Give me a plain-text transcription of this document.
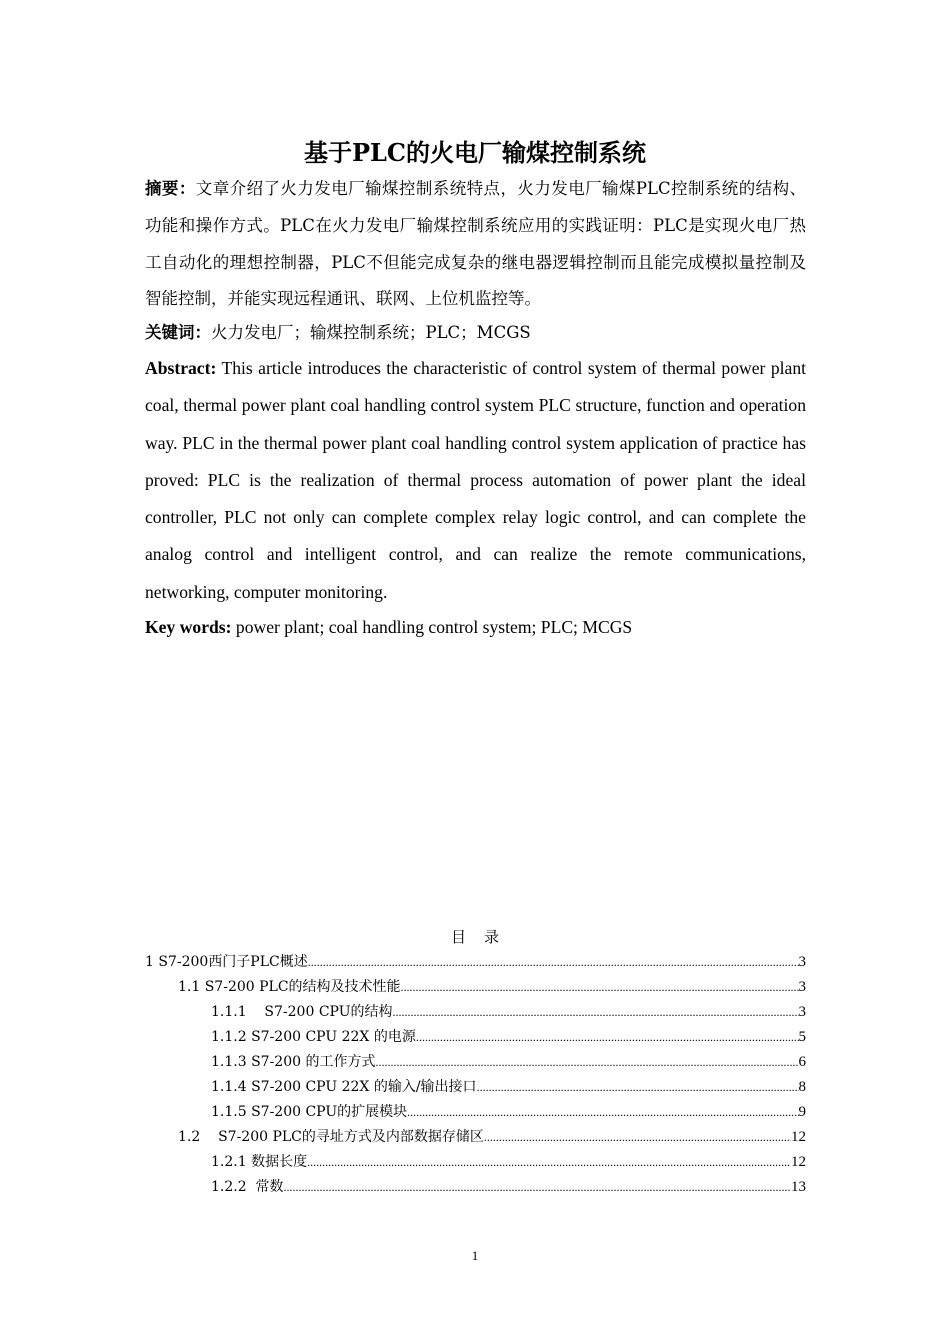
基于PLC的火电厂输煤控制系统
摘要：文章介绍了火力发电厂输煤控制系统特点，火力发电厂输煤PLC控制系统的结构、功能和操作方式。PLC在火力发电厂输煤控制系统应用的实践证明：PLC是实现火电厂热工自动化的理想控制器，PLC不但能完成复杂的继电器逻辑控制而且能完成模拟量控制及智能控制，并能实现远程通讯、联网、上位机监控等。
关键词：火力发电厂；输煤控制系统；PLC；MCGS
Abstract: This article introduces the characteristic of control system of thermal power plant coal, thermal power plant coal handling control system PLC structure, function and operation way. PLC in the thermal power plant coal handling control system application of practice has proved: PLC is the realization of thermal process automation of power plant the ideal controller, PLC not only can complete complex relay logic control, and can complete the analog control and intelligent control, and can realize the remote communications, networking, computer monitoring.
Key words: power plant; coal handling control system; PLC; MCGS
目录
1 S7-200西门子PLC概述 .....	3
1.1 S7-200 PLC的结构及技术性能 .....	3
1.1.1    S7-200 CPU的结构 .....	3
1.1.2 S7-200 CPU 22X 的电源 .....	5
1.1.3 S7-200 的工作方式 .....	6
1.1.4 S7-200 CPU 22X 的输入/输出接口 .....	8
1.1.5 S7-200 CPU的扩展模块 .....	9
1.2    S7-200 PLC的寻址方式及内部数据存储区 .....	12
1.2.1 数据长度 .....	12
1.2.2  常数 .....	13
1
